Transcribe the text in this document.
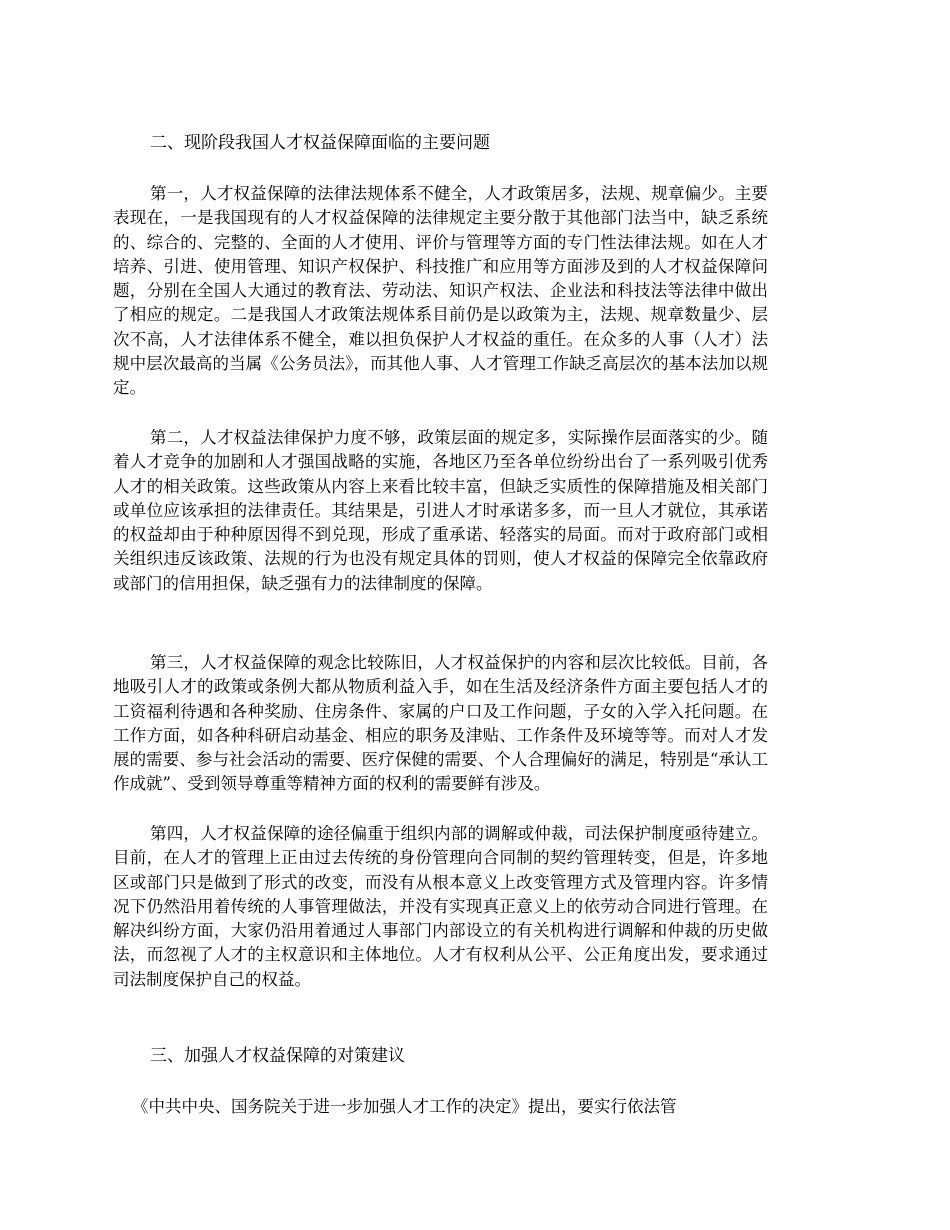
二、现阶段我国人才权益保障面临的主要问题

第一，人才权益保障的法律法规体系不健全，人才政策居多，法规、规章偏少。主要表现在，一是我国现有的人才权益保障的法律规定主要分散于其他部门法当中，缺乏系统的、综合的、完整的、全面的人才使用、评价与管理等方面的专门性法律法规。如在人才培养、引进、使用管理、知识产权保护、科技推广和应用等方面涉及到的人才权益保障问题，分别在全国人大通过的教育法、劳动法、知识产权法、企业法和科技法等法律中做出了相应的规定。二是我国人才政策法规体系目前仍是以政策为主，法规、规章数量少、层次不高，人才法律体系不健全，难以担负保护人才权益的重任。在众多的人事（人才）法规中层次最高的当属《公务员法》，而其他人事、人才管理工作缺乏高层次的基本法加以规定。

第二，人才权益法律保护力度不够，政策层面的规定多，实际操作层面落实的少。随着人才竞争的加剧和人才强国战略的实施，各地区乃至各单位纷纷出台了一系列吸引优秀人才的相关政策。这些政策从内容上来看比较丰富，但缺乏实质性的保障措施及相关部门或单位应该承担的法律责任。其结果是，引进人才时承诺多多，而一旦人才就位，其承诺的权益却由于种种原因得不到兑现，形成了重承诺、轻落实的局面。而对于政府部门或相关组织违反该政策、法规的行为也没有规定具体的罚则，使人才权益的保障完全依靠政府或部门的信用担保，缺乏强有力的法律制度的保障。

第三，人才权益保障的观念比较陈旧，人才权益保护的内容和层次比较低。目前，各地吸引人才的政策或条例大都从物质利益入手，如在生活及经济条件方面主要包括人才的工资福利待遇和各种奖励、住房条件、家属的户口及工作问题，子女的入学入托问题。在工作方面，如各种科研启动基金、相应的职务及津贴、工作条件及环境等等。而对人才发展的需要、参与社会活动的需要、医疗保健的需要、个人合理偏好的满足，特别是“承认工作成就”、受到领导尊重等精神方面的权利的需要鲜有涉及。

第四，人才权益保障的途径偏重于组织内部的调解或仲裁，司法保护制度亟待建立。目前，在人才的管理上正由过去传统的身份管理向合同制的契约管理转变，但是，许多地区或部门只是做到了形式的改变，而没有从根本意义上改变管理方式及管理内容。许多情况下仍然沿用着传统的人事管理做法，并没有实现真正意义上的依劳动合同进行管理。在解决纠纷方面，大家仍沿用着通过人事部门内部设立的有关机构进行调解和仲裁的历史做法，而忽视了人才的主权意识和主体地位。人才有权利从公平、公正角度出发，要求通过司法制度保护自己的权益。

三、加强人才权益保障的对策建议

《中共中央、国务院关于进一步加强人才工作的决定》提出，要实行依法管
